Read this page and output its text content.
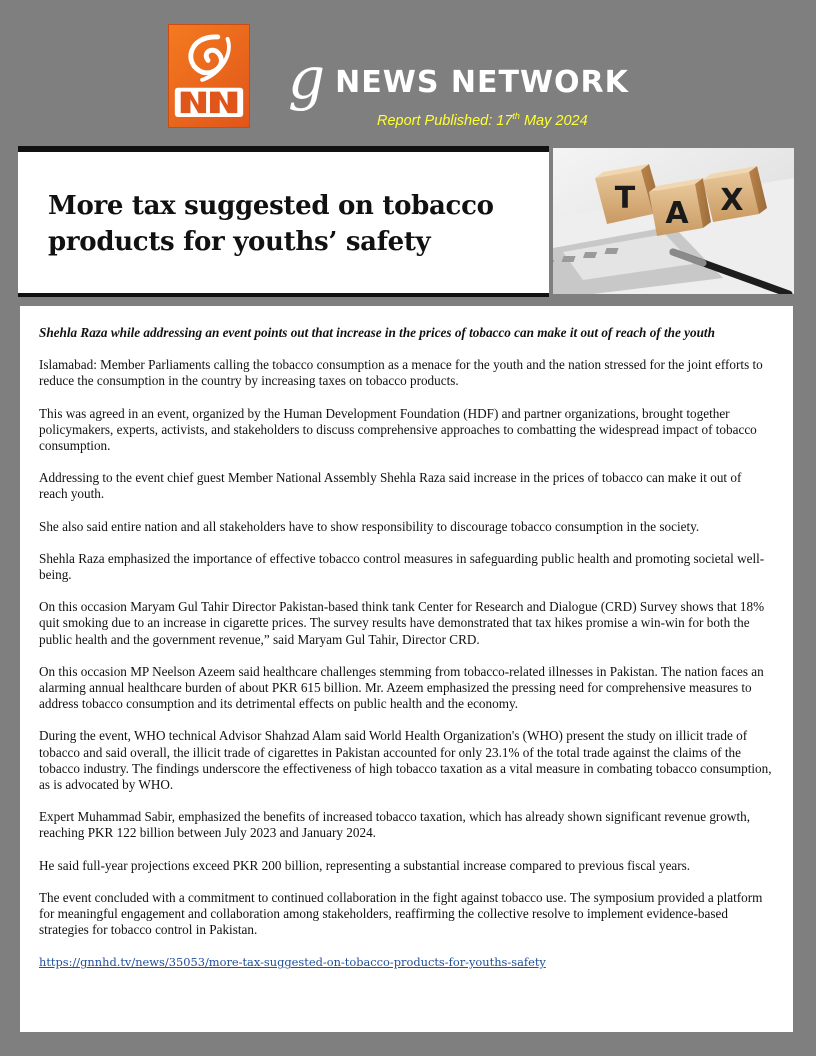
g NEWS NETWORK
Report Published: 17th May 2024
More tax suggested on tobacco
products for youths’ safety
T A X

Shehla Raza while addressing an event points out that increase in the prices of tobacco can make it out of reach of the youth

Islamabad: Member Parliaments calling the tobacco consumption as a menace for the youth and the nation stressed for the joint efforts to reduce the consumption in the country by increasing taxes on tobacco products.

This was agreed in an event, organized by the Human Development Foundation (HDF) and partner organizations, brought together policymakers, experts, activists, and stakeholders to discuss comprehensive approaches to combatting the widespread impact of tobacco consumption.

Addressing to the event chief guest Member National Assembly Shehla Raza said increase in the prices of tobacco can make it out of reach youth.

She also said entire nation and all stakeholders have to show responsibility to discourage tobacco consumption in the society.

Shehla Raza emphasized the importance of effective tobacco control measures in safeguarding public health and promoting societal well-being.

On this occasion Maryam Gul Tahir Director Pakistan-based think tank Center for Research and Dialogue (CRD) Survey shows that 18% quit smoking due to an increase in cigarette prices. The survey results have demonstrated that tax hikes promise a win-win for both the public health and the government revenue,” said Maryam Gul Tahir, Director CRD.

On this occasion MP Neelson Azeem said healthcare challenges stemming from tobacco-related illnesses in Pakistan. The nation faces an alarming annual healthcare burden of about PKR 615 billion. Mr. Azeem emphasized the pressing need for comprehensive measures to address tobacco consumption and its detrimental effects on public health and the economy.

During the event, WHO technical Advisor Shahzad Alam said World Health Organization's (WHO) present the study on illicit trade of tobacco and said overall, the illicit trade of cigarettes in Pakistan accounted for only 23.1% of the total trade against the claims of the tobacco industry. The findings underscore the effectiveness of high tobacco taxation as a vital measure in combating tobacco consumption, as is advocated by WHO.

Expert Muhammad Sabir, emphasized the benefits of increased tobacco taxation, which has already shown significant revenue growth, reaching PKR 122 billion between July 2023 and January 2024.

He said full-year projections exceed PKR 200 billion, representing a substantial increase compared to previous fiscal years.

The event concluded with a commitment to continued collaboration in the fight against tobacco use. The symposium provided a platform for meaningful engagement and collaboration among stakeholders, reaffirming the collective resolve to implement evidence-based strategies for tobacco control in Pakistan.

https://gnnhd.tv/news/35053/more-tax-suggested-on-tobacco-products-for-youths-safety
